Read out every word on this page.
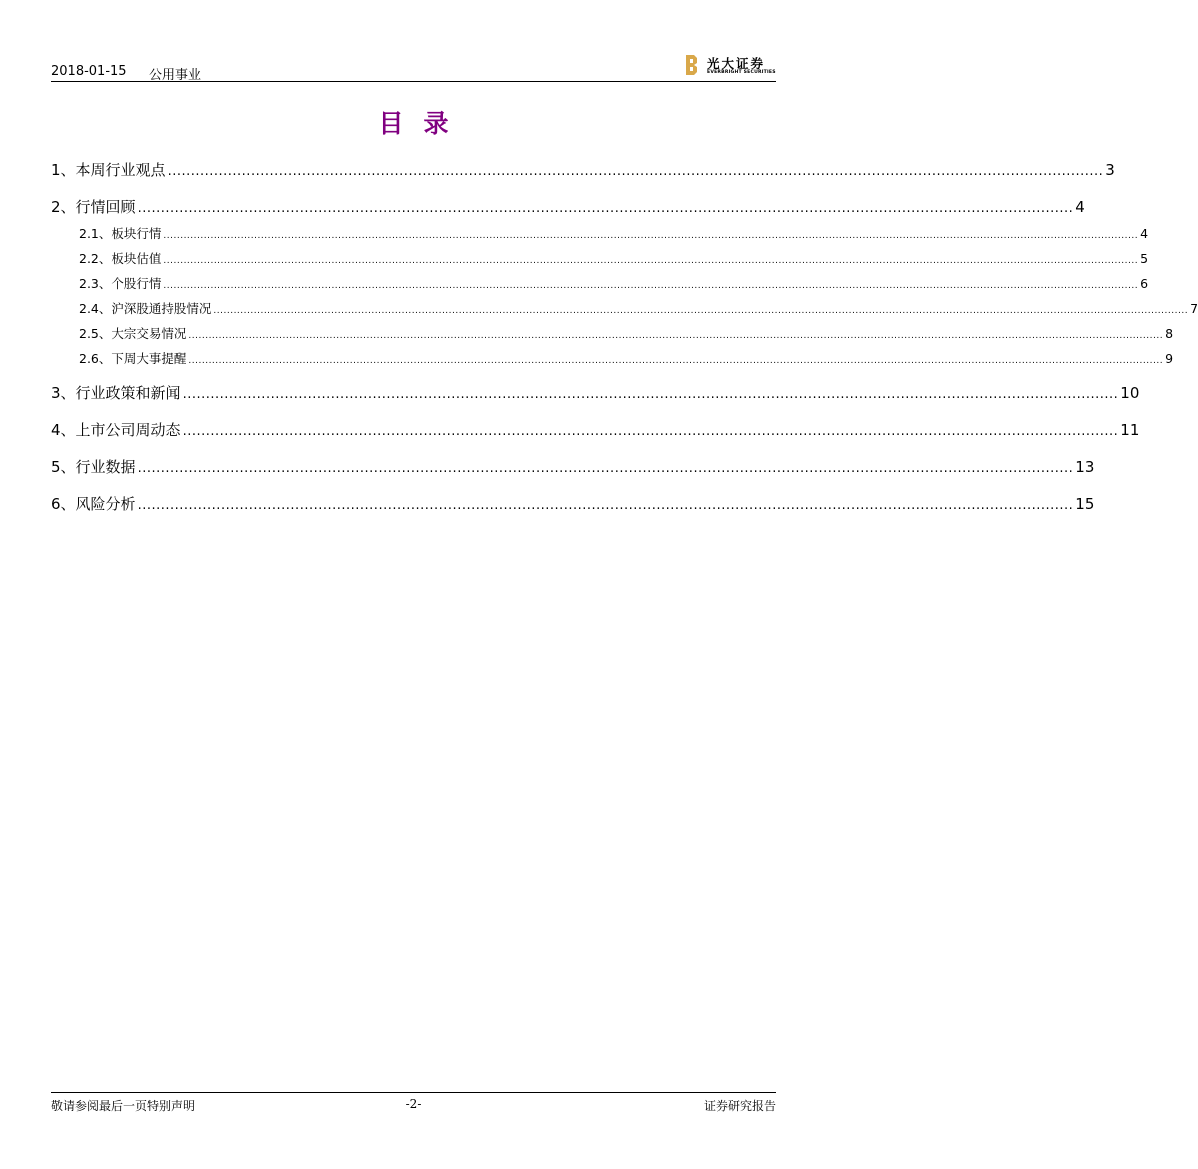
2018-01-15 公用事业
光大证券
EVERBRIGHT SECURITIES
目录
1、 本周行业观点 .......................................................................................................................................................................................................... 3
2、 行情回顾 .......................................................................................................................................................................................................... 4
2.1、 板块行情 .................................................................................................................................................................................................................................................................................................. 4
2.2、 板块估值 .................................................................................................................................................................................................................................................................................................. 5
2.3、 个股行情 .................................................................................................................................................................................................................................................................................................. 6
2.4、 沪深股通持股情况 .................................................................................................................................................................................................................................................................................................. 7
2.5、 大宗交易情况 .................................................................................................................................................................................................................................................................................................. 8
2.6、 下周大事提醒 .................................................................................................................................................................................................................................................................................................. 9
3、 行业政策和新闻 .......................................................................................................................................................................................................... 10
4、 上市公司周动态 .......................................................................................................................................................................................................... 11
5、 行业数据 .......................................................................................................................................................................................................... 13
6、 风险分析 .......................................................................................................................................................................................................... 15
敬请参阅最后一页特别声明	-2-	证券研究报告
